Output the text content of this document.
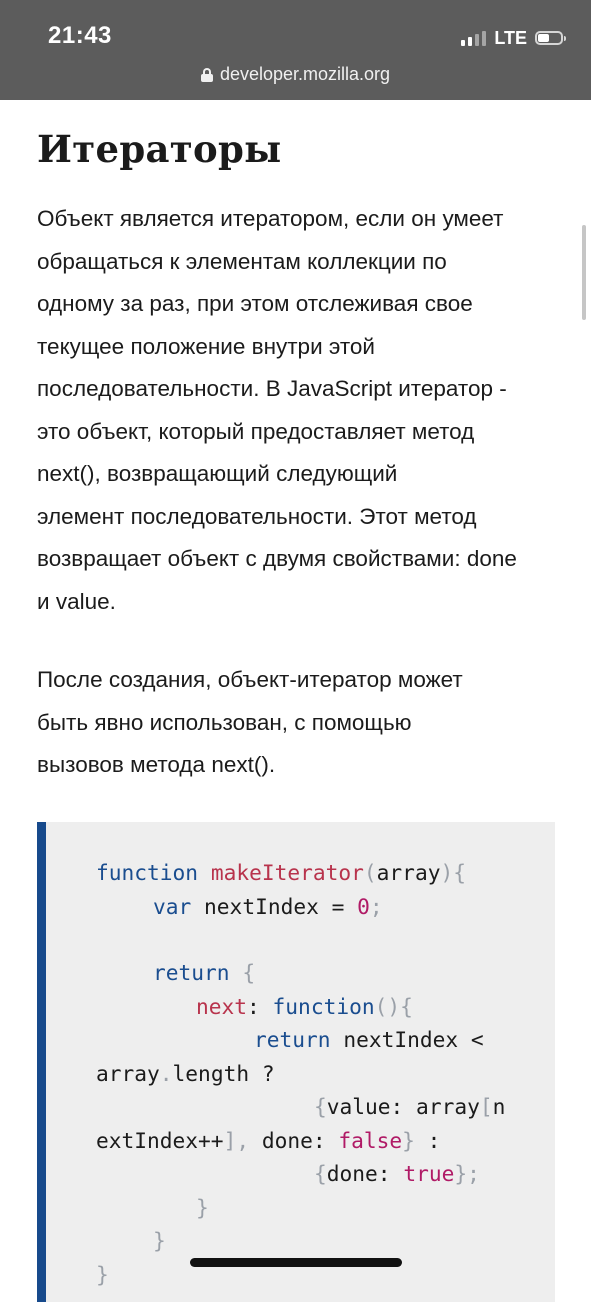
21:43	LTE
developer.mozilla.org
Итераторы

Объект является итератором, если он умеет
обращаться к элементам коллекции по
одному за раз, при этом отслеживая свое
текущее положение внутри этой
последовательности. В JavaScript итератор -
это объект, который предоставляет метод
next(), возвращающий следующий
элемент последовательности. Этот метод
возвращает объект с двумя свойствами: done
и value.

После создания, объект-итератор может
быть явно использован, с помощью
вызовов метода next().

function makeIterator(array){
var nextIndex = 0;
return {
next: function(){
return nextIndex <
array.length ?
{value: array[n
extIndex++], done: false} :
{done: true};
}
}
}
